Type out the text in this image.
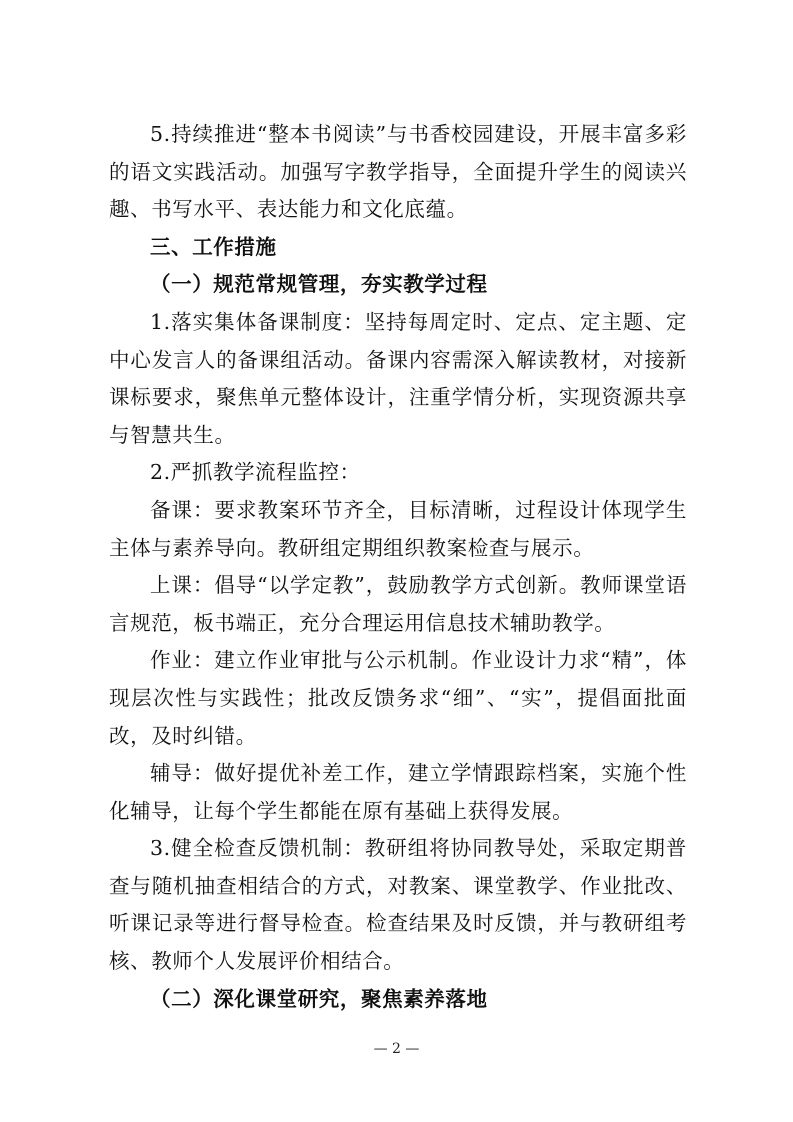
5.持续推进“整本书阅读”与书香校园建设，开展丰富多彩的语文实践活动。加强写字教学指导，全面提升学生的阅读兴趣、书写水平、表达能力和文化底蕴。

三、工作措施

（一）规范常规管理，夯实教学过程

1.落实集体备课制度：坚持每周定时、定点、定主题、定中心发言人的备课组活动。备课内容需深入解读教材，对接新课标要求，聚焦单元整体设计，注重学情分析，实现资源共享与智慧共生。

2.严抓教学流程监控：

备课：要求教案环节齐全，目标清晰，过程设计体现学生主体与素养导向。教研组定期组织教案检查与展示。

上课：倡导“以学定教”，鼓励教学方式创新。教师课堂语言规范，板书端正，充分合理运用信息技术辅助教学。

作业：建立作业审批与公示机制。作业设计力求“精”，体现层次性与实践性；批改反馈务求“细”、“实”，提倡面批面改，及时纠错。

辅导：做好提优补差工作，建立学情跟踪档案，实施个性化辅导，让每个学生都能在原有基础上获得发展。

3.健全检查反馈机制：教研组将协同教导处，采取定期普查与随机抽查相结合的方式，对教案、课堂教学、作业批改、听课记录等进行督导检查。检查结果及时反馈，并与教研组考核、教师个人发展评价相结合。

（二）深化课堂研究，聚焦素养落地

— 2 —
